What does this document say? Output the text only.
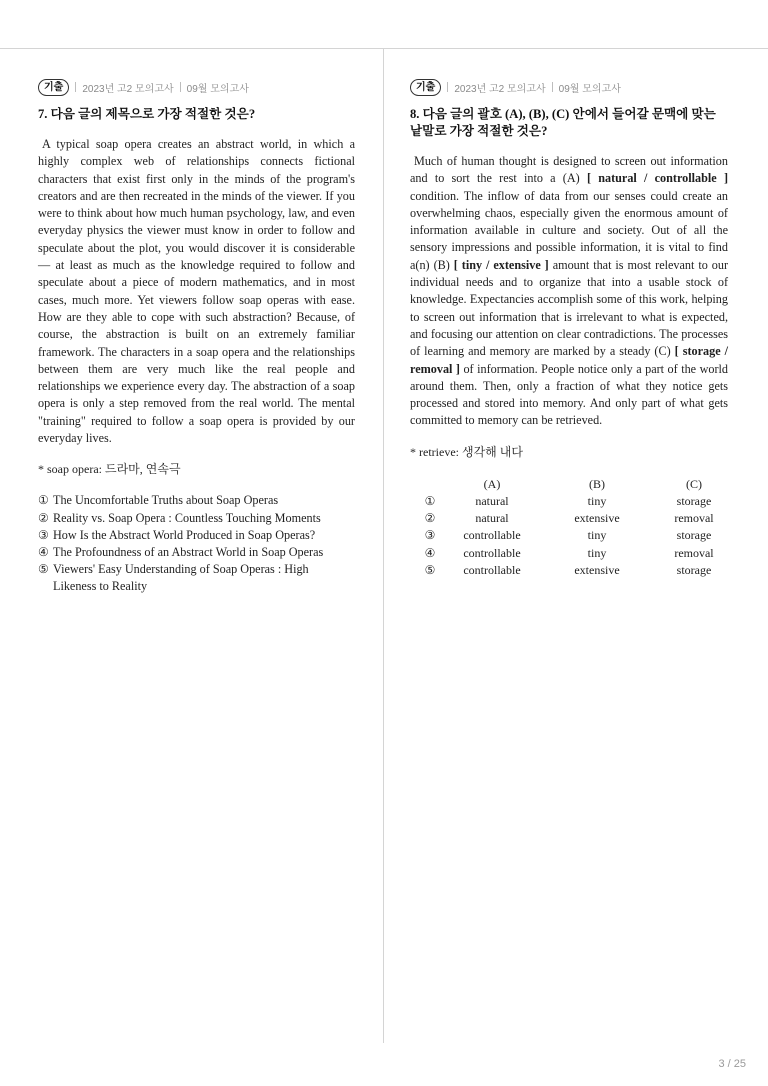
기출	2023년 고2 모의고사 09월 모의고사
7. 다음 글의 제목으로 가장 적절한 것은?
A typical soap opera creates an abstract world, in which a highly complex web of relationships connects fictional characters that exist first only in the minds of the program's creators and are then recreated in the minds of the viewer. If you were to think about how much human psychology, law, and even everyday physics the viewer must know in order to follow and speculate about the plot, you would discover it is considerable — at least as much as the knowledge required to follow and speculate about a piece of modern mathematics, and in most cases, much more. Yet viewers follow soap operas with ease. How are they able to cope with such abstraction? Because, of course, the abstraction is built on an extremely familiar framework. The characters in a soap opera and the relationships between them are very much like the real people and relationships we experience every day. The abstraction of a soap opera is only a step removed from the real world. The mental "training" required to follow a soap opera is provided by our everyday lives.
* soap opera: 드라마, 연속극
① The Uncomfortable Truths about Soap Operas
② Reality vs. Soap Opera : Countless Touching Moments
③ How Is the Abstract World Produced in Soap Operas?
④ The Profoundness of an Abstract World in Soap Operas
⑤ Viewers' Easy Understanding of Soap Operas : High Likeness to Reality
기출	2023년 고2 모의고사 09월 모의고사
8. 다음 글의 괄호 (A), (B), (C) 안에서 들어갈 문맥에 맞는 낱말로 가장 적절한 것은?
Much of human thought is designed to screen out information and to sort the rest into a (A) [ natural / controllable ] condition. The inflow of data from our senses could create an overwhelming chaos, especially given the enormous amount of information available in culture and society. Out of all the sensory impressions and possible information, it is vital to find a(n) (B) [ tiny / extensive ] amount that is most relevant to our individual needs and to organize that into a usable stock of knowledge. Expectancies accomplish some of this work, helping to screen out information that is irrelevant to what is expected, and focusing our attention on clear contradictions. The processes of learning and memory are marked by a steady (C) [ storage / removal ] of information. People notice only a part of the world around them. Then, only a fraction of what they notice gets processed and stored into memory. And only part of what gets committed to memory can be retrieved.
* retrieve: 생각해 내다
	(A)	(B)	(C)
①	natural	tiny	storage
②	natural	extensive	removal
③	controllable	tiny	storage
④	controllable	tiny	removal
⑤	controllable	extensive	storage
3 / 25
